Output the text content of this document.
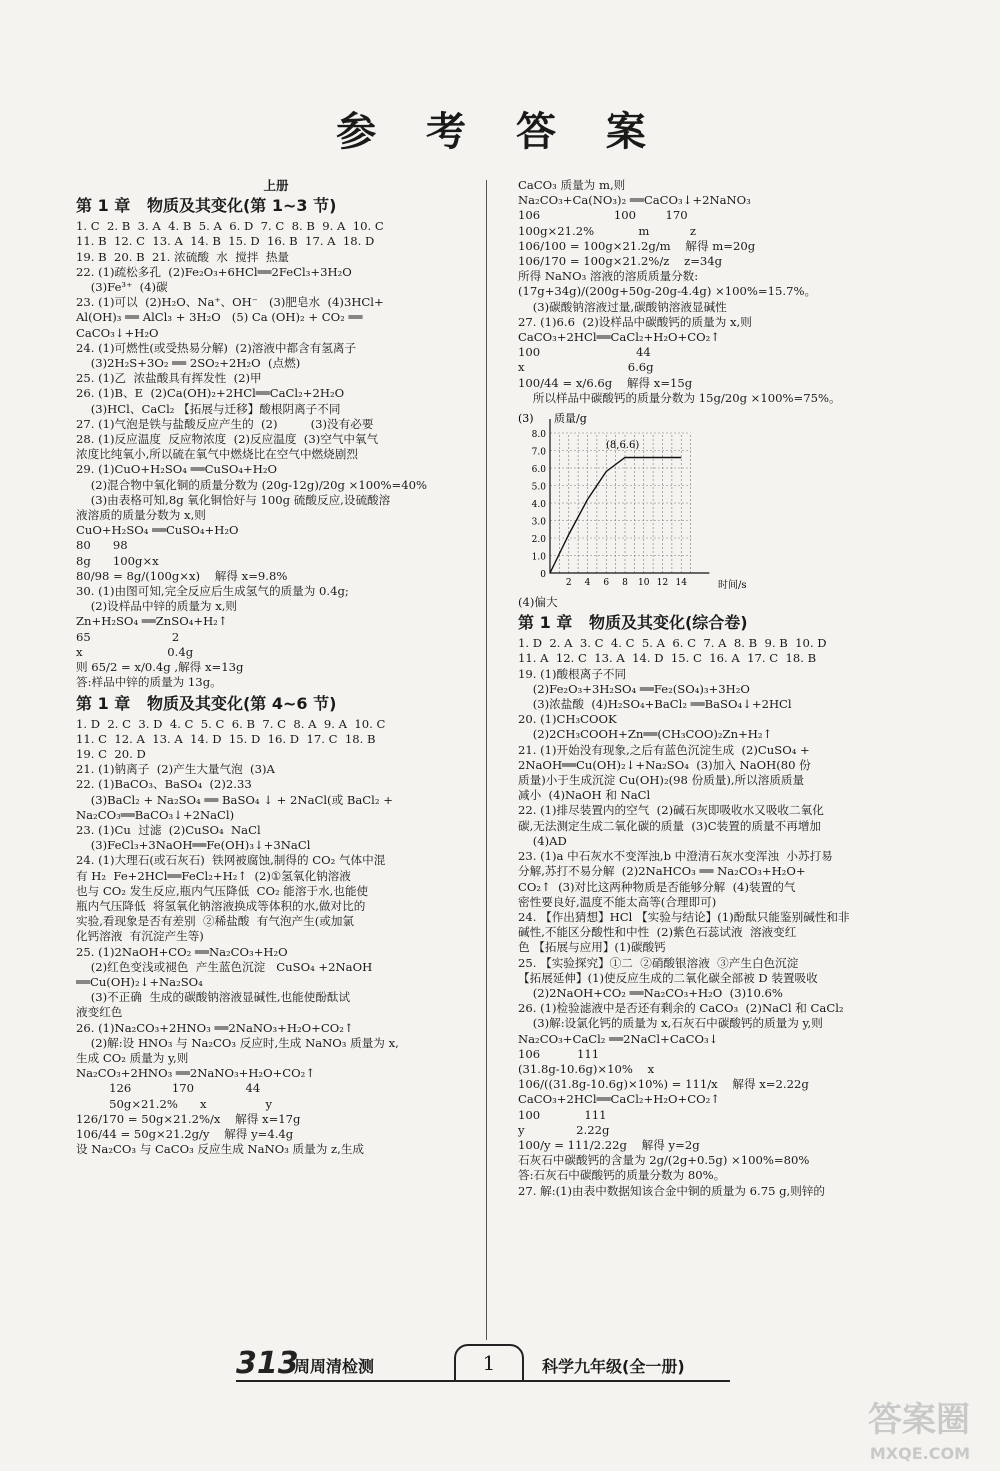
参 考 答 案
上册
第 1 章   物质及其变化(第 1~3 节)
1. C  2. B  3. A  4. B  5. A  6. D  7. C  8. B  9. A  10. C
11. B  12. C  13. A  14. B  15. D  16. B  17. A  18. D
19. B  20. B  21. 浓硫酸  水  搅拌  热量
22. (1)疏松多孔  (2)Fe₂O₃+6HCl══2FeCl₃+3H₂O
(3)Fe³⁺  (4)碳
23. (1)可以  (2)H₂O、Na⁺、OH⁻   (3)肥皂水  (4)3HCl+
Al(OH)₃ ══ AlCl₃ + 3H₂O   (5) Ca (OH)₂ + CO₂ ══
CaCO₃↓+H₂O
24. (1)可燃性(或受热易分解)  (2)溶液中都含有氢离子
(3)2H₂S+3O₂ ══ 2SO₂+2H₂O  (点燃)
25. (1)乙  浓盐酸具有挥发性  (2)甲
26. (1)B、E  (2)Ca(OH)₂+2HCl══CaCl₂+2H₂O
(3)HCl、CaCl₂ 【拓展与迁移】酸根阴离子不同
27. (1)气泡是铁与盐酸反应产生的  (2)         (3)没有必要
28. (1)反应温度  反应物浓度  (2)反应温度  (3)空气中氧气
浓度比纯氧小,所以硫在氧气中燃烧比在空气中燃烧剧烈
29. (1)CuO+H₂SO₄ ══CuSO₄+H₂O
(2)混合物中氧化铜的质量分数为 (20g-12g)/20g ×100%=40%
(3)由表格可知,8g 氧化铜恰好与 100g 硫酸反应,设硫酸溶
液溶质的质量分数为 x,则
CuO+H₂SO₄ ══CuSO₄+H₂O
80      98
8g      100g×x
80/98 = 8g/(100g×x)    解得 x=9.8%
30. (1)由图可知,完全反应后生成氢气的质量为 0.4g;
(2)设样品中锌的质量为 x,则
Zn+H₂SO₄ ══ZnSO₄+H₂↑
65                      2
x                       0.4g
则 65/2 = x/0.4g ,解得 x=13g
答:样品中锌的质量为 13g。
第 1 章   物质及其变化(第 4~6 节)
1. D  2. C  3. D  4. C  5. C  6. B  7. C  8. A  9. A  10. C
11. C  12. A  13. A  14. D  15. D  16. D  17. C  18. B
19. C  20. D
21. (1)钠离子  (2)产生大量气泡  (3)A
22. (1)BaCO₃、BaSO₄  (2)2.33
(3)BaCl₂ + Na₂SO₄ ══ BaSO₄ ↓ + 2NaCl(或 BaCl₂ +
Na₂CO₃══BaCO₃↓+2NaCl)
23. (1)Cu  过滤  (2)CuSO₄  NaCl
(3)FeCl₃+3NaOH══Fe(OH)₃↓+3NaCl
24. (1)大理石(或石灰石)  铁网被腐蚀,制得的 CO₂ 气体中混
有 H₂  Fe+2HCl══FeCl₂+H₂↑  (2)①氢氧化钠溶液
也与 CO₂ 发生反应,瓶内气压降低  CO₂ 能溶于水,也能使
瓶内气压降低  将氢氧化钠溶液换成等体积的水,做对比的
实验,看现象是否有差别  ②稀盐酸  有气泡产生(或加氯
化钙溶液  有沉淀产生等)
25. (1)2NaOH+CO₂ ══Na₂CO₃+H₂O
(2)红色变浅或褪色  产生蓝色沉淀   CuSO₄ +2NaOH
══Cu(OH)₂↓+Na₂SO₄
(3)不正确  生成的碳酸钠溶液显碱性,也能使酚酞试
液变红色
26. (1)Na₂CO₃+2HNO₃ ══2NaNO₃+H₂O+CO₂↑
(2)解:设 HNO₃ 与 Na₂CO₃ 反应时,生成 NaNO₃ 质量为 x,
生成 CO₂ 质量为 y,则
Na₂CO₃+2HNO₃ ══2NaNO₃+H₂O+CO₂↑
126           170              44
50g×21.2%      x                y
126/170 = 50g×21.2%/x    解得 x=17g
106/44 = 50g×21.2g/y    解得 y=4.4g
设 Na₂CO₃ 与 CaCO₃ 反应生成 NaNO₃ 质量为 z,生成
CaCO₃ 质量为 m,则
Na₂CO₃+Ca(NO₃)₂ ══CaCO₃↓+2NaNO₃
106                    100        170
100g×21.2%            m           z
106/100 = 100g×21.2g/m    解得 m=20g
106/170 = 100g×21.2%/z    z=34g
所得 NaNO₃ 溶液的溶质质量分数:
(17g+34g)/(200g+50g-20g-4.4g) ×100%=15.7%。
(3)碳酸钠溶液过量,碳酸钠溶液显碱性
27. (1)6.6  (2)设样品中碳酸钙的质量为 x,则
CaCO₃+2HCl══CaCl₂+H₂O+CO₂↑
100                          44
x                            6.6g
100/44 = x/6.6g    解得 x=15g
所以样品中碳酸钙的质量分数为 15g/20g ×100%=75%。
(3) 质量/g
8.0
7.0
6.0
5.0
4.0
3.0
2.0
1.0
0
2 4 6 8 10 12 14
(8,6.6)
时间/s
(4)偏大
第 1 章   物质及其变化(综合卷)
1. D  2. A  3. C  4. C  5. A  6. C  7. A  8. B  9. B  10. D
11. A  12. C  13. A  14. D  15. C  16. A  17. C  18. B
19. (1)酸根离子不同
(2)Fe₂O₃+3H₂SO₄ ══Fe₂(SO₄)₃+3H₂O
(3)浓盐酸  (4)H₂SO₄+BaCl₂ ══BaSO₄↓+2HCl
20. (1)CH₃COOK
(2)2CH₃COOH+Zn══(CH₃COO)₂Zn+H₂↑
21. (1)开始没有现象,之后有蓝色沉淀生成  (2)CuSO₄ +
2NaOH══Cu(OH)₂↓+Na₂SO₄  (3)加入 NaOH(80 份
质量)小于生成沉淀 Cu(OH)₂(98 份质量),所以溶质质量
减小  (4)NaOH 和 NaCl
22. (1)排尽装置内的空气  (2)碱石灰即吸收水又吸收二氧化
碳,无法测定生成二氧化碳的质量  (3)C装置的质量不再增加
(4)AD
23. (1)a 中石灰水不变浑浊,b 中澄清石灰水变浑浊  小苏打易
分解,苏打不易分解  (2)2NaHCO₃ ══ Na₂CO₃+H₂O+
CO₂↑  (3)对比这两种物质是否能够分解  (4)装置的气
密性要良好,温度不能太高等(合理即可)
24. 【作出猜想】HCl 【实验与结论】(1)酚酞只能鉴别碱性和非
碱性,不能区分酸性和中性  (2)紫色石蕊试液  溶液变红
色 【拓展与应用】(1)碳酸钙
25. 【实验探究】①二  ②硝酸银溶液  ③产生白色沉淀
【拓展延伸】(1)使反应生成的二氧化碳全部被 D 装置吸收
(2)2NaOH+CO₂ ══Na₂CO₃+H₂O  (3)10.6%
26. (1)检验滤液中是否还有剩余的 CaCO₃  (2)NaCl 和 CaCl₂
(3)解:设氯化钙的质量为 x,石灰石中碳酸钙的质量为 y,则
Na₂CO₃+CaCl₂ ══2NaCl+CaCO₃↓
106          111
(31.8g-10.6g)×10%    x
106/((31.8g-10.6g)×10%) = 111/x    解得 x=2.22g
CaCO₃+2HCl══CaCl₂+H₂O+CO₂↑
100            111
y              2.22g
100/y = 111/2.22g    解得 y=2g
石灰石中碳酸钙的含量为 2g/(2g+0.5g) ×100%=80%
答:石灰石中碳酸钙的质量分数为 80%。
27. 解:(1)由表中数据知该合金中铜的质量为 6.75 g,则锌的
313
周周清检测	1	科学九年级(全一册)
答案圈
MXQE.COM
